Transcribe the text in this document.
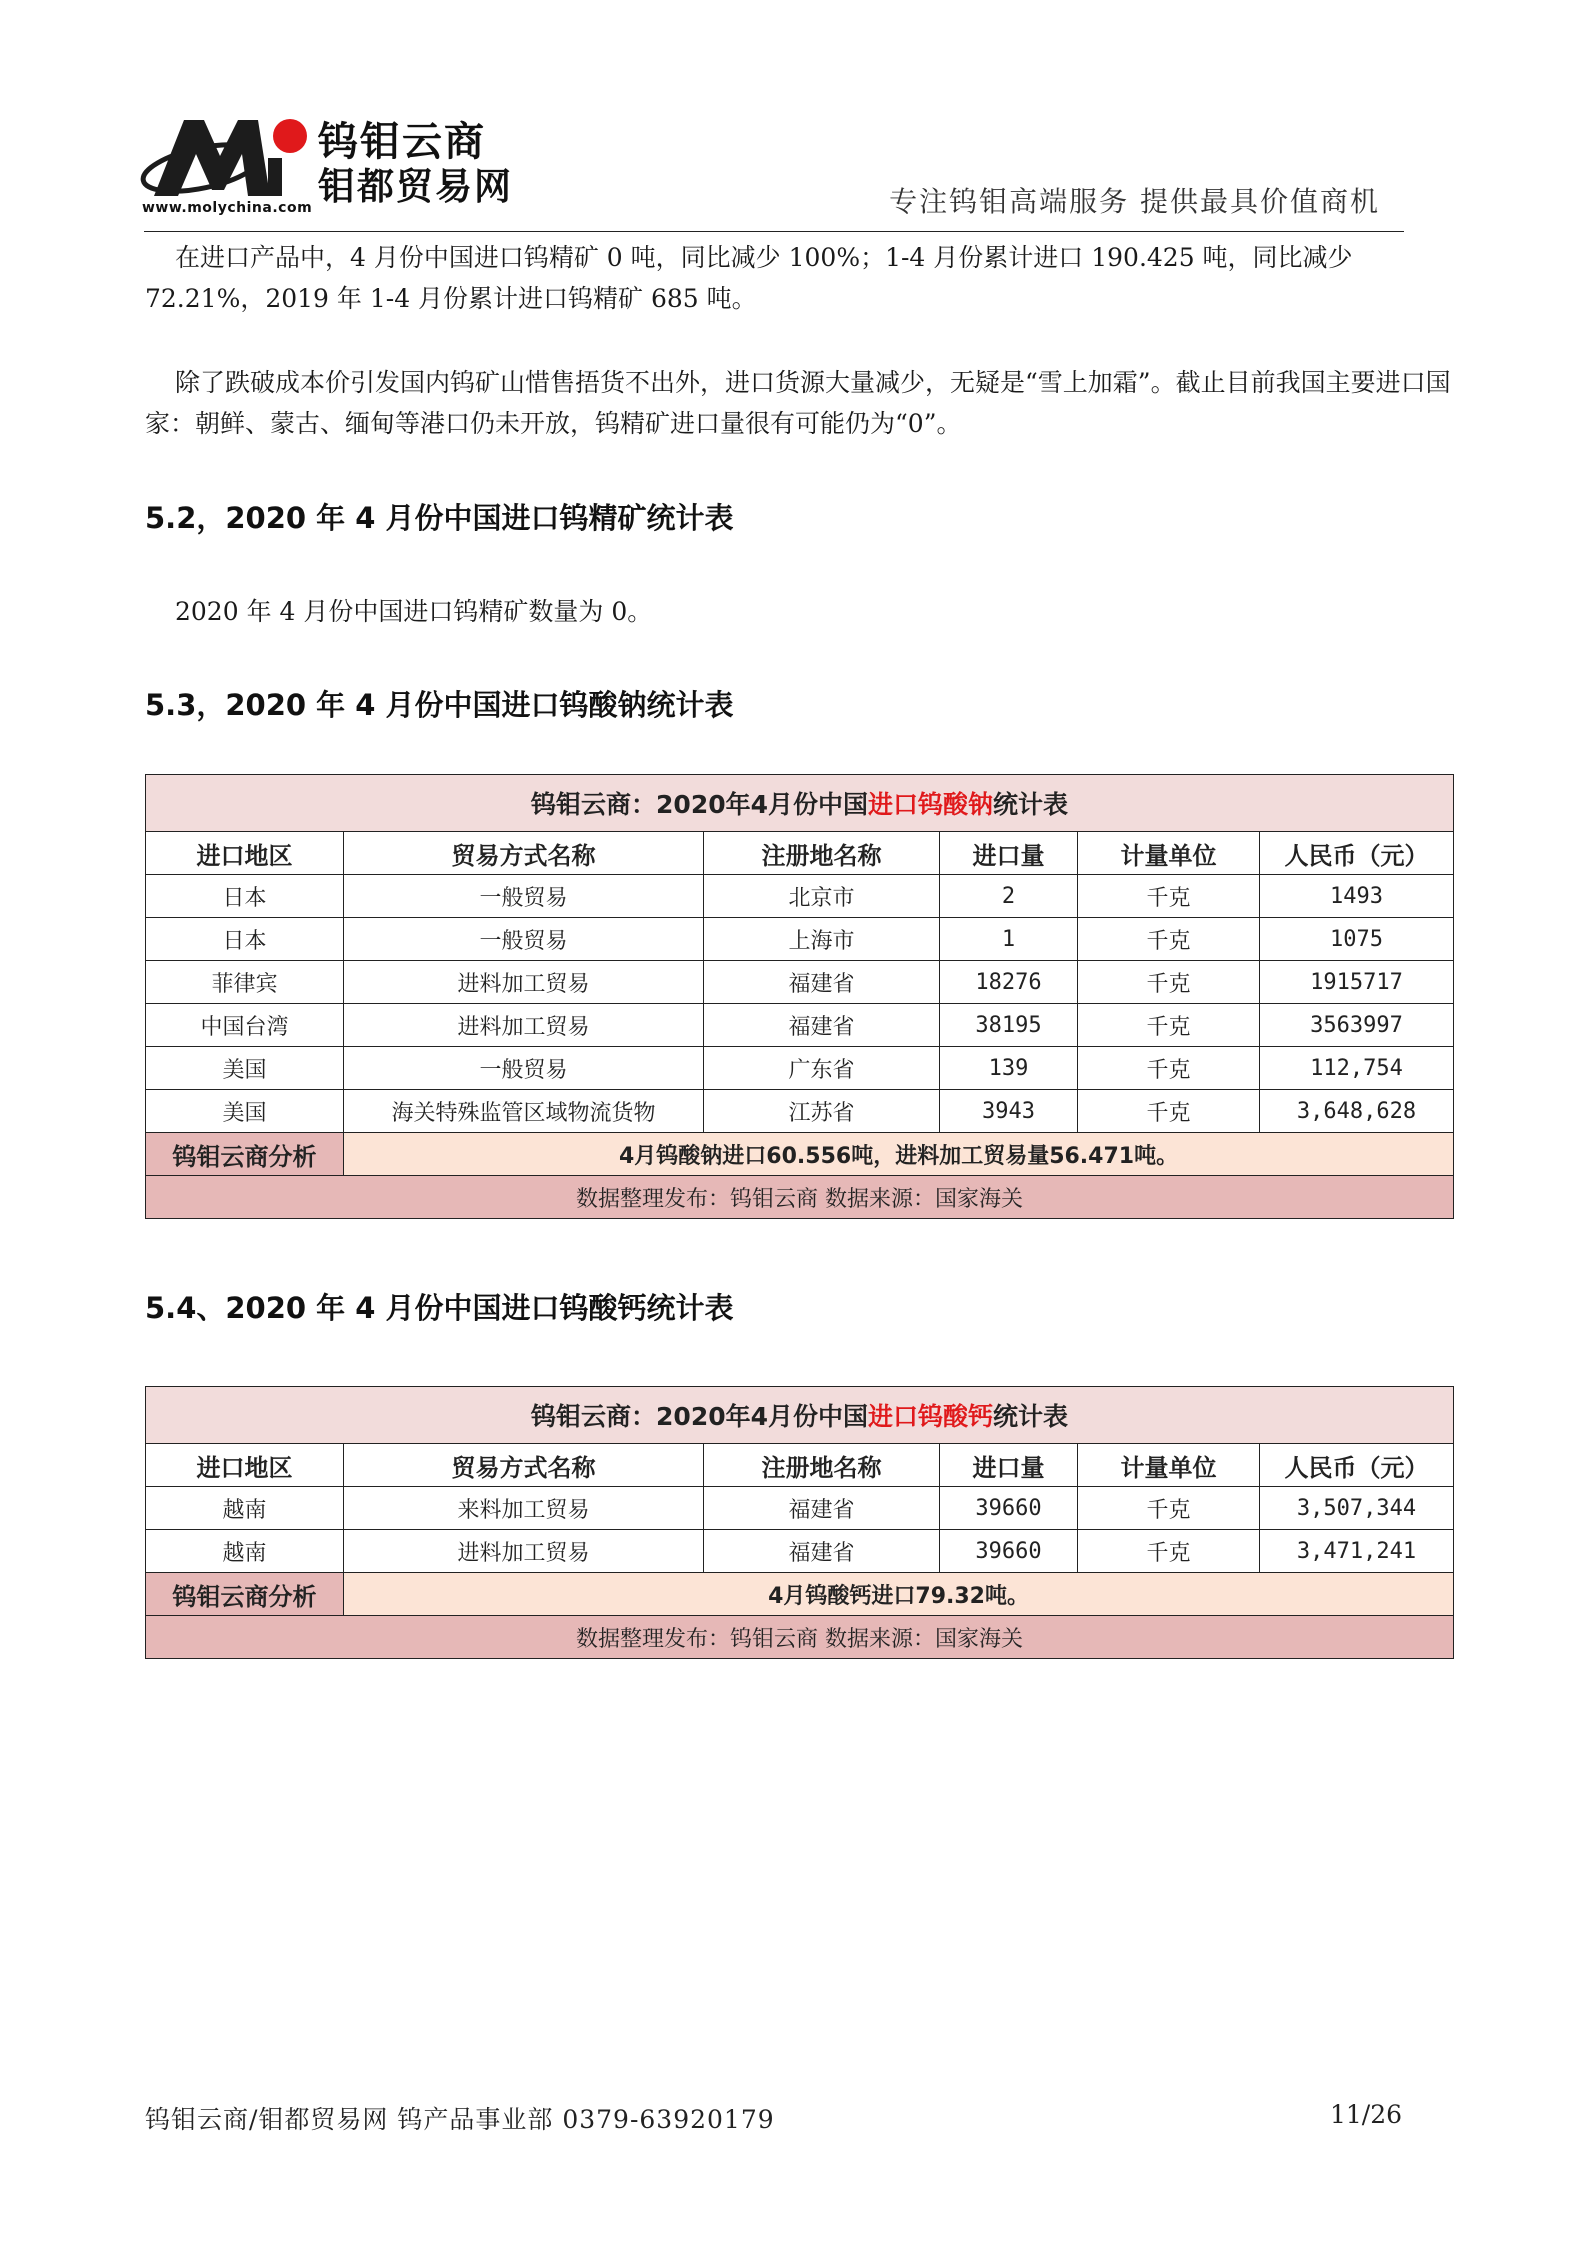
钨钼云商
钼都贸易网
www.molychina.com	专注钨钼高端服务 提供最具价值商机
在进口产品中，4 月份中国进口钨精矿 0 吨，同比减少 100%；1-4 月份累计进口 190.425 吨，同比减少72.21%，2019 年 1-4 月份累计进口钨精矿 685 吨。
除了跌破成本价引发国内钨矿山惜售捂货不出外，进口货源大量减少，无疑是“雪上加霜”。截止目前我国主要进口国家：朝鲜、蒙古、缅甸等港口仍未开放，钨精矿进口量很有可能仍为“0”。
5.2，2020 年 4 月份中国进口钨精矿统计表
2020 年 4 月份中国进口钨精矿数量为 0。
5.3，2020 年 4 月份中国进口钨酸钠统计表
钨钼云商：2020年4月份中国进口钨酸钠统计表					
进口地区	贸易方式名称	注册地名称	进口量	计量单位	人民币（元）
日本	一般贸易	北京市	2	千克	1493
日本	一般贸易	上海市	1	千克	1075
菲律宾	进料加工贸易	福建省	18276	千克	1915717
中国台湾	进料加工贸易	福建省	38195	千克	3563997
美国	一般贸易	广东省	139	千克	112,754
美国	海关特殊监管区域物流货物	江苏省	3943	千克	3,648,628
钨钼云商分析	4月钨酸钠进口60.556吨，进料加工贸易量56.471吨。				
数据整理发布：钨钼云商 数据来源：国家海关					
5.4、2020 年 4 月份中国进口钨酸钙统计表
钨钼云商：2020年4月份中国进口钨酸钙统计表					
进口地区	贸易方式名称	注册地名称	进口量	计量单位	人民币（元）
越南	来料加工贸易	福建省	39660	千克	3,507,344
越南	进料加工贸易	福建省	39660	千克	3,471,241
钨钼云商分析	4月钨酸钙进口79.32吨。				
数据整理发布：钨钼云商 数据来源：国家海关					
钨钼云商/钼都贸易网 钨产品事业部 0379-63920179	11/26
